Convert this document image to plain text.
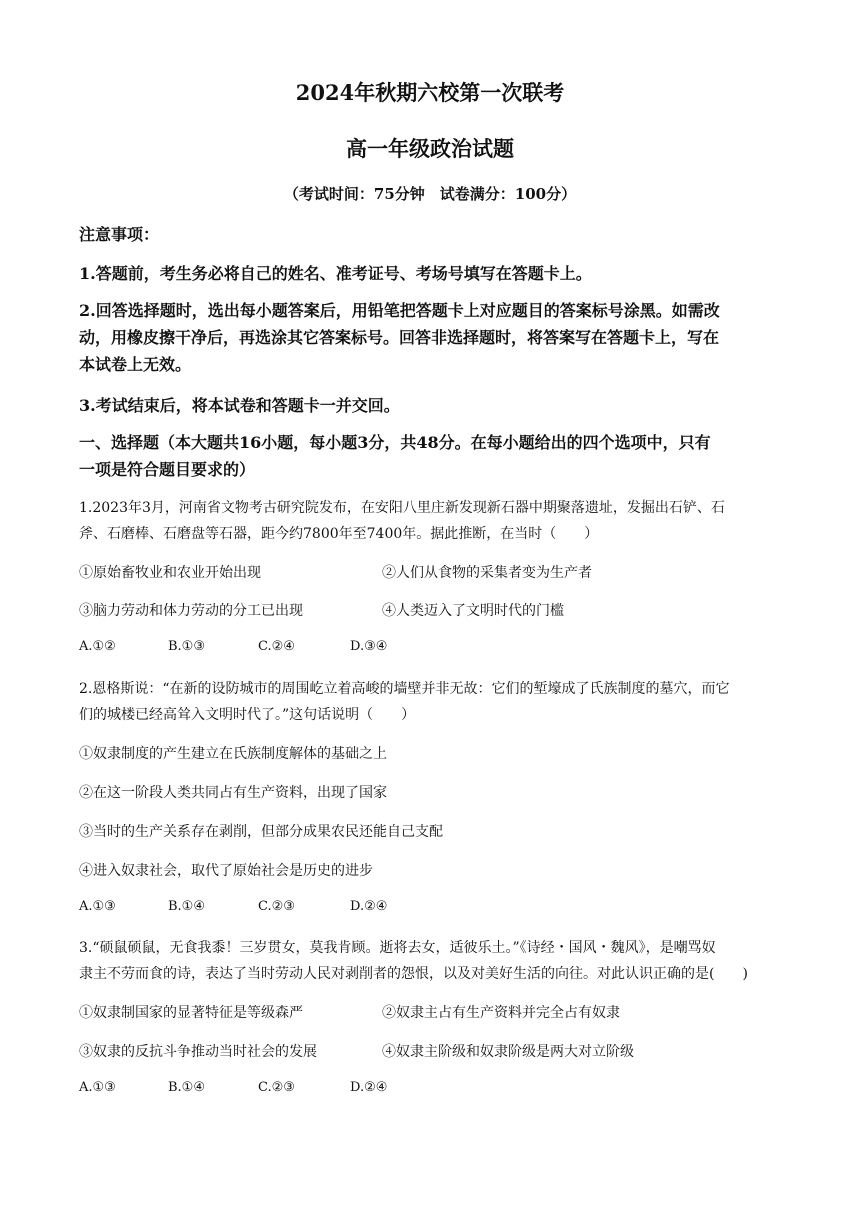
2024年秋期六校第一次联考
高一年级政治试题
（考试时间：75分钟　试卷满分：100分）
注意事项：
1.答题前，考生务必将自己的姓名、准考证号、考场号填写在答题卡上。
2.回答选择题时，选出每小题答案后，用铅笔把答题卡上对应题目的答案标号涂黑。如需改
动，用橡皮擦干净后，再选涂其它答案标号。回答非选择题时，将答案写在答题卡上，写在
本试卷上无效。
3.考试结束后，将本试卷和答题卡一并交回。
一、选择题（本大题共16小题，每小题3分，共48分。在每小题给出的四个选项中，只有
一项是符合题目要求的）
1.2023年3月，河南省文物考古研究院发布，在安阳八里庄新发现新石器中期聚落遗址，发掘出石铲、石
斧、石磨棒、石磨盘等石器，距今约7800年至7400年。据此推断，在当时（　　）
①原始畜牧业和农业开始出现	②人们从食物的采集者变为生产者
③脑力劳动和体力劳动的分工已出现	④人类迈入了文明时代的门槛
A.①②	B.①③	C.②④	D.③④
2.恩格斯说：“在新的设防城市的周围屹立着高峻的墙壁并非无故：它们的堑壕成了氏族制度的墓穴，而它
们的城楼已经高耸入文明时代了。”这句话说明（　　）
①奴隶制度的产生建立在氏族制度解体的基础之上
②在这一阶段人类共同占有生产资料，出现了国家
③当时的生产关系存在剥削，但部分成果农民还能自己支配
④进入奴隶社会，取代了原始社会是历史的进步
A.①③	B.①④	C.②③	D.②④
3.“硕鼠硕鼠，无食我黍！三岁贯女，莫我肯顾。逝将去女，适彼乐土。”《诗经・国风・魏风》，是嘲骂奴
隶主不劳而食的诗，表达了当时劳动人民对剥削者的怨恨，以及对美好生活的向往。对此认识正确的是(　　)
①奴隶制国家的显著特征是等级森严	②奴隶主占有生产资料并完全占有奴隶
③奴隶的反抗斗争推动当时社会的发展	④奴隶主阶级和奴隶阶级是两大对立阶级
A.①③	B.①④	C.②③	D.②④
